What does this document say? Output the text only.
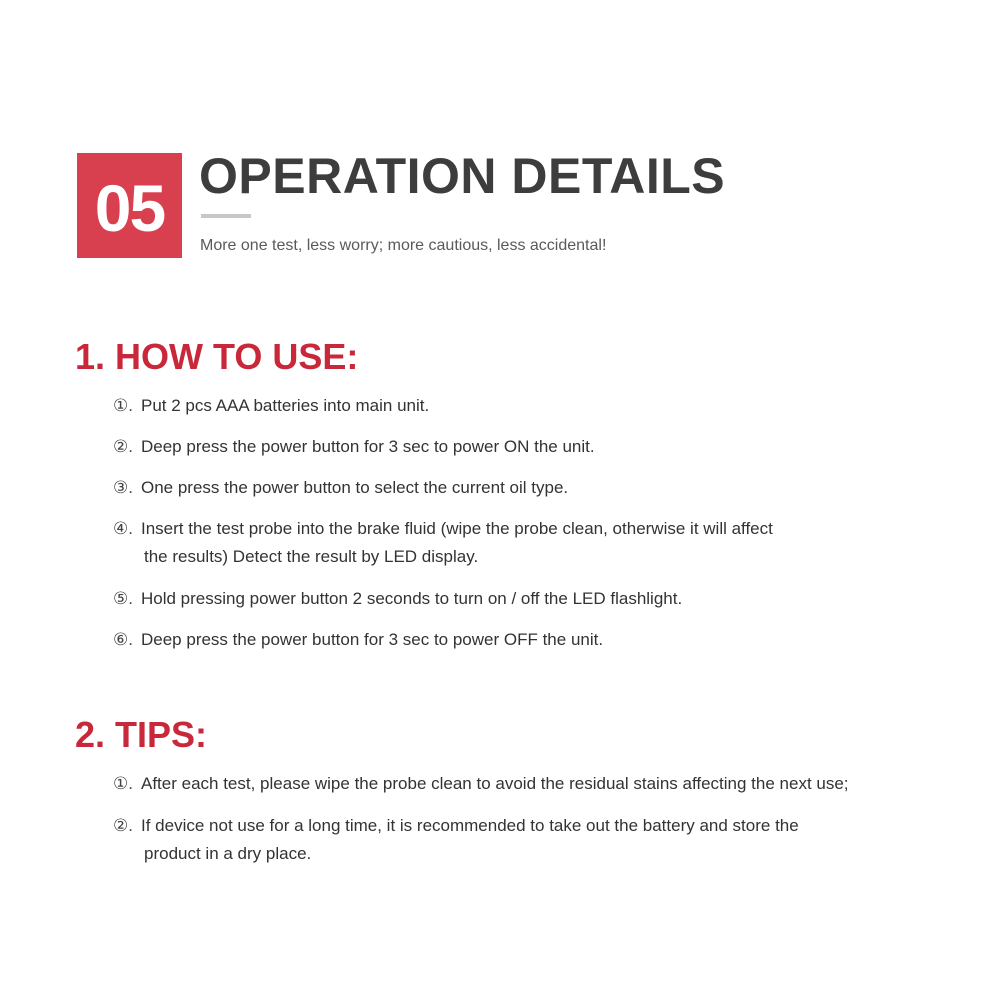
05 OPERATION DETAILS
More one test, less worry; more cautious, less accidental!
1. HOW TO USE:
①. Put 2 pcs AAA batteries into main unit.
②. Deep press the power button for 3 sec to power ON the unit.
③. One press the power button to select the current oil type.
④. Insert the test probe into the brake fluid (wipe the probe clean, otherwise it will affect
the results) Detect the result by LED display.
⑤. Hold pressing power button 2 seconds to turn on / off the LED flashlight.
⑥. Deep press the power button for 3 sec to power OFF the unit.
2. TIPS:
①. After each test, please wipe the probe clean to avoid the residual stains affecting the next use;
②. If device not use for a long time, it is recommended to take out the battery and store the
product in a dry place.
